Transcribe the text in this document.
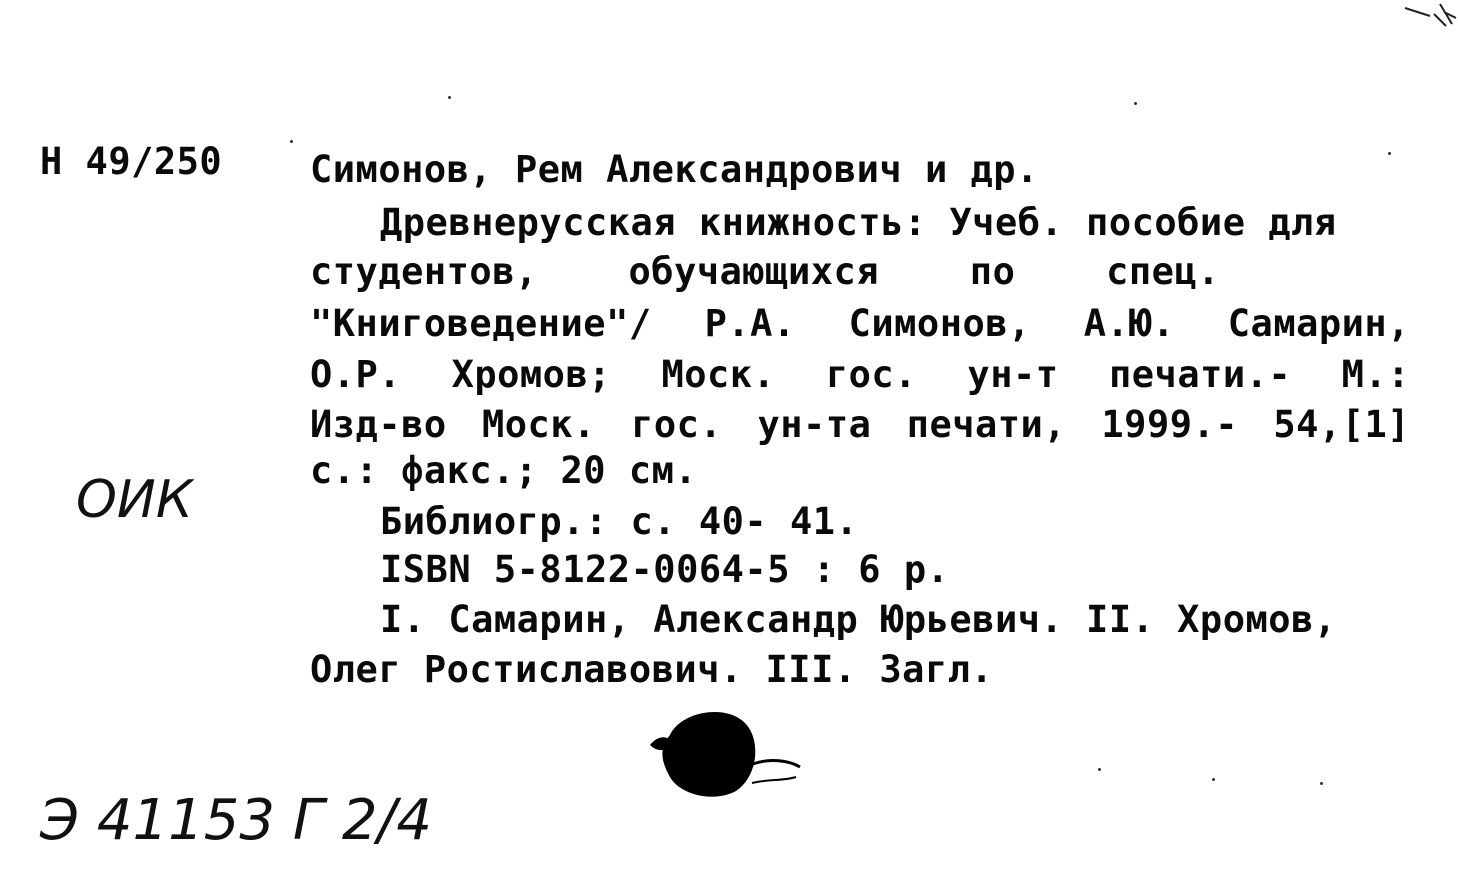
Н 49/250 Симонов, Рем Александрович и др.
Древнерусская книжность: Учеб. пособие для
студентов, обучающихся по спец.
"Книговедение"/ Р.А. Симонов, А.Ю. Самарин,
О.Р. Хромов; Моск. гос. ун-т печати.- М.:
Изд-во Моск. гос. ун-та печати, 1999.- 54,[1]
с.: факс.; 20 см.
Библиогр.: с. 40- 41.
ISBN 5-8122-0064-5 : 6 р.
I. Самарин, Александр Юрьевич. II. Хромов,
Олег Ростиславович. III. Загл.
ОИК
Э 41153 Г 2/4
